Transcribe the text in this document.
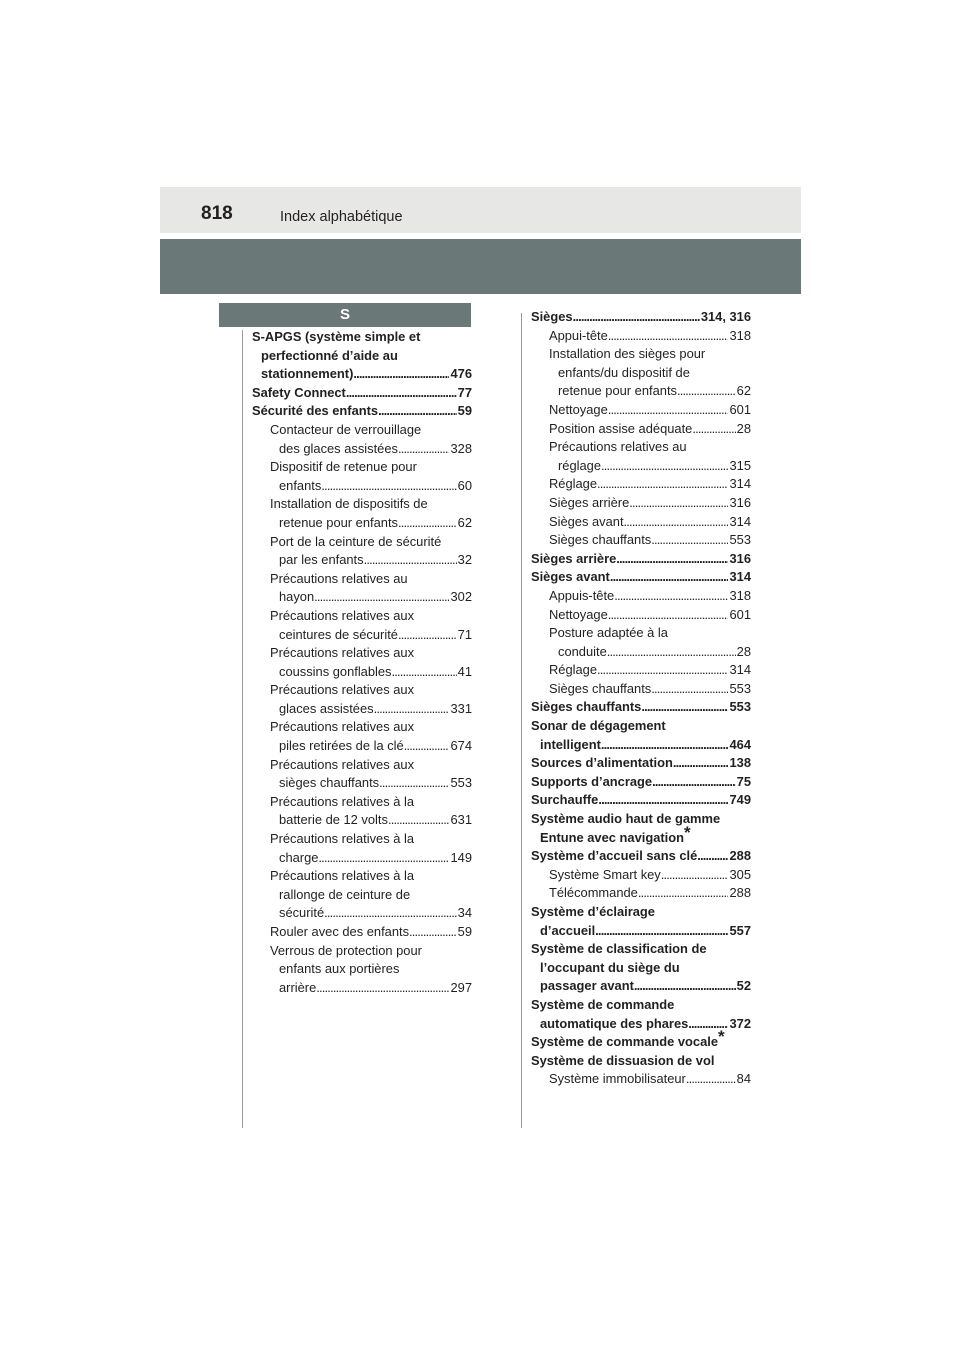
818	Index alphabétique
S
S-APGS (système simple et
perfectionné d’aide au
stationnement) . . .	476
Safety Connect . . .	77
Sécurité des enfants . . .	59
Contacteur de verrouillage
des glaces assistées . . .	328
Dispositif de retenue pour
enfants . . .	60
Installation de dispositifs de
retenue pour enfants . . .	62
Port de la ceinture de sécurité
par les enfants . . .	32
Précautions relatives au
hayon . . .	302
Précautions relatives aux
ceintures de sécurité . . .	71
Précautions relatives aux
coussins gonflables . . .	41
Précautions relatives aux
glaces assistées . . .	331
Précautions relatives aux
piles retirées de la clé . . .	674
Précautions relatives aux
sièges chauffants . . .	553
Précautions relatives à la
batterie de 12 volts . . .	631
Précautions relatives à la
charge . . .	149
Précautions relatives à la
rallonge de ceinture de
sécurité . . .	34
Rouler avec des enfants . . .	59
Verrous de protection pour
enfants aux portières
arrière . . .	297
Sièges . . .	314, 316
Appui-tête . . .	318
Installation des sièges pour
enfants/du dispositif de
retenue pour enfants . . .	62
Nettoyage . . .	601
Position assise adéquate . . .	28
Précautions relatives au
réglage . . .	315
Réglage . . .	314
Sièges arrière . . .	316
Sièges avant . . .	314
Sièges chauffants . . .	553
Sièges arrière . . .	316
Sièges avant . . .	314
Appuis-tête . . .	318
Nettoyage . . .	601
Posture adaptée à la
conduite . . .	28
Réglage . . .	314
Sièges chauffants . . .	553
Sièges chauffants . . .	553
Sonar de dégagement
intelligent . . .	464
Sources d’alimentation . . .	138
Supports d’ancrage . . .	75
Surchauffe . . .	749
Système audio haut de gamme
Entune avec navigation*
Système d’accueil sans clé . . . 288
Système Smart key . . .	305
Télécommande . . .	288
Système d’éclairage
d’accueil . . .	557
Système de classification de
l’occupant du siège du
passager avant . . .	52
Système de commande
automatique des phares . . .	372
Système de commande vocale*
Système de dissuasion de vol
Système immobilisateur . . .	84
